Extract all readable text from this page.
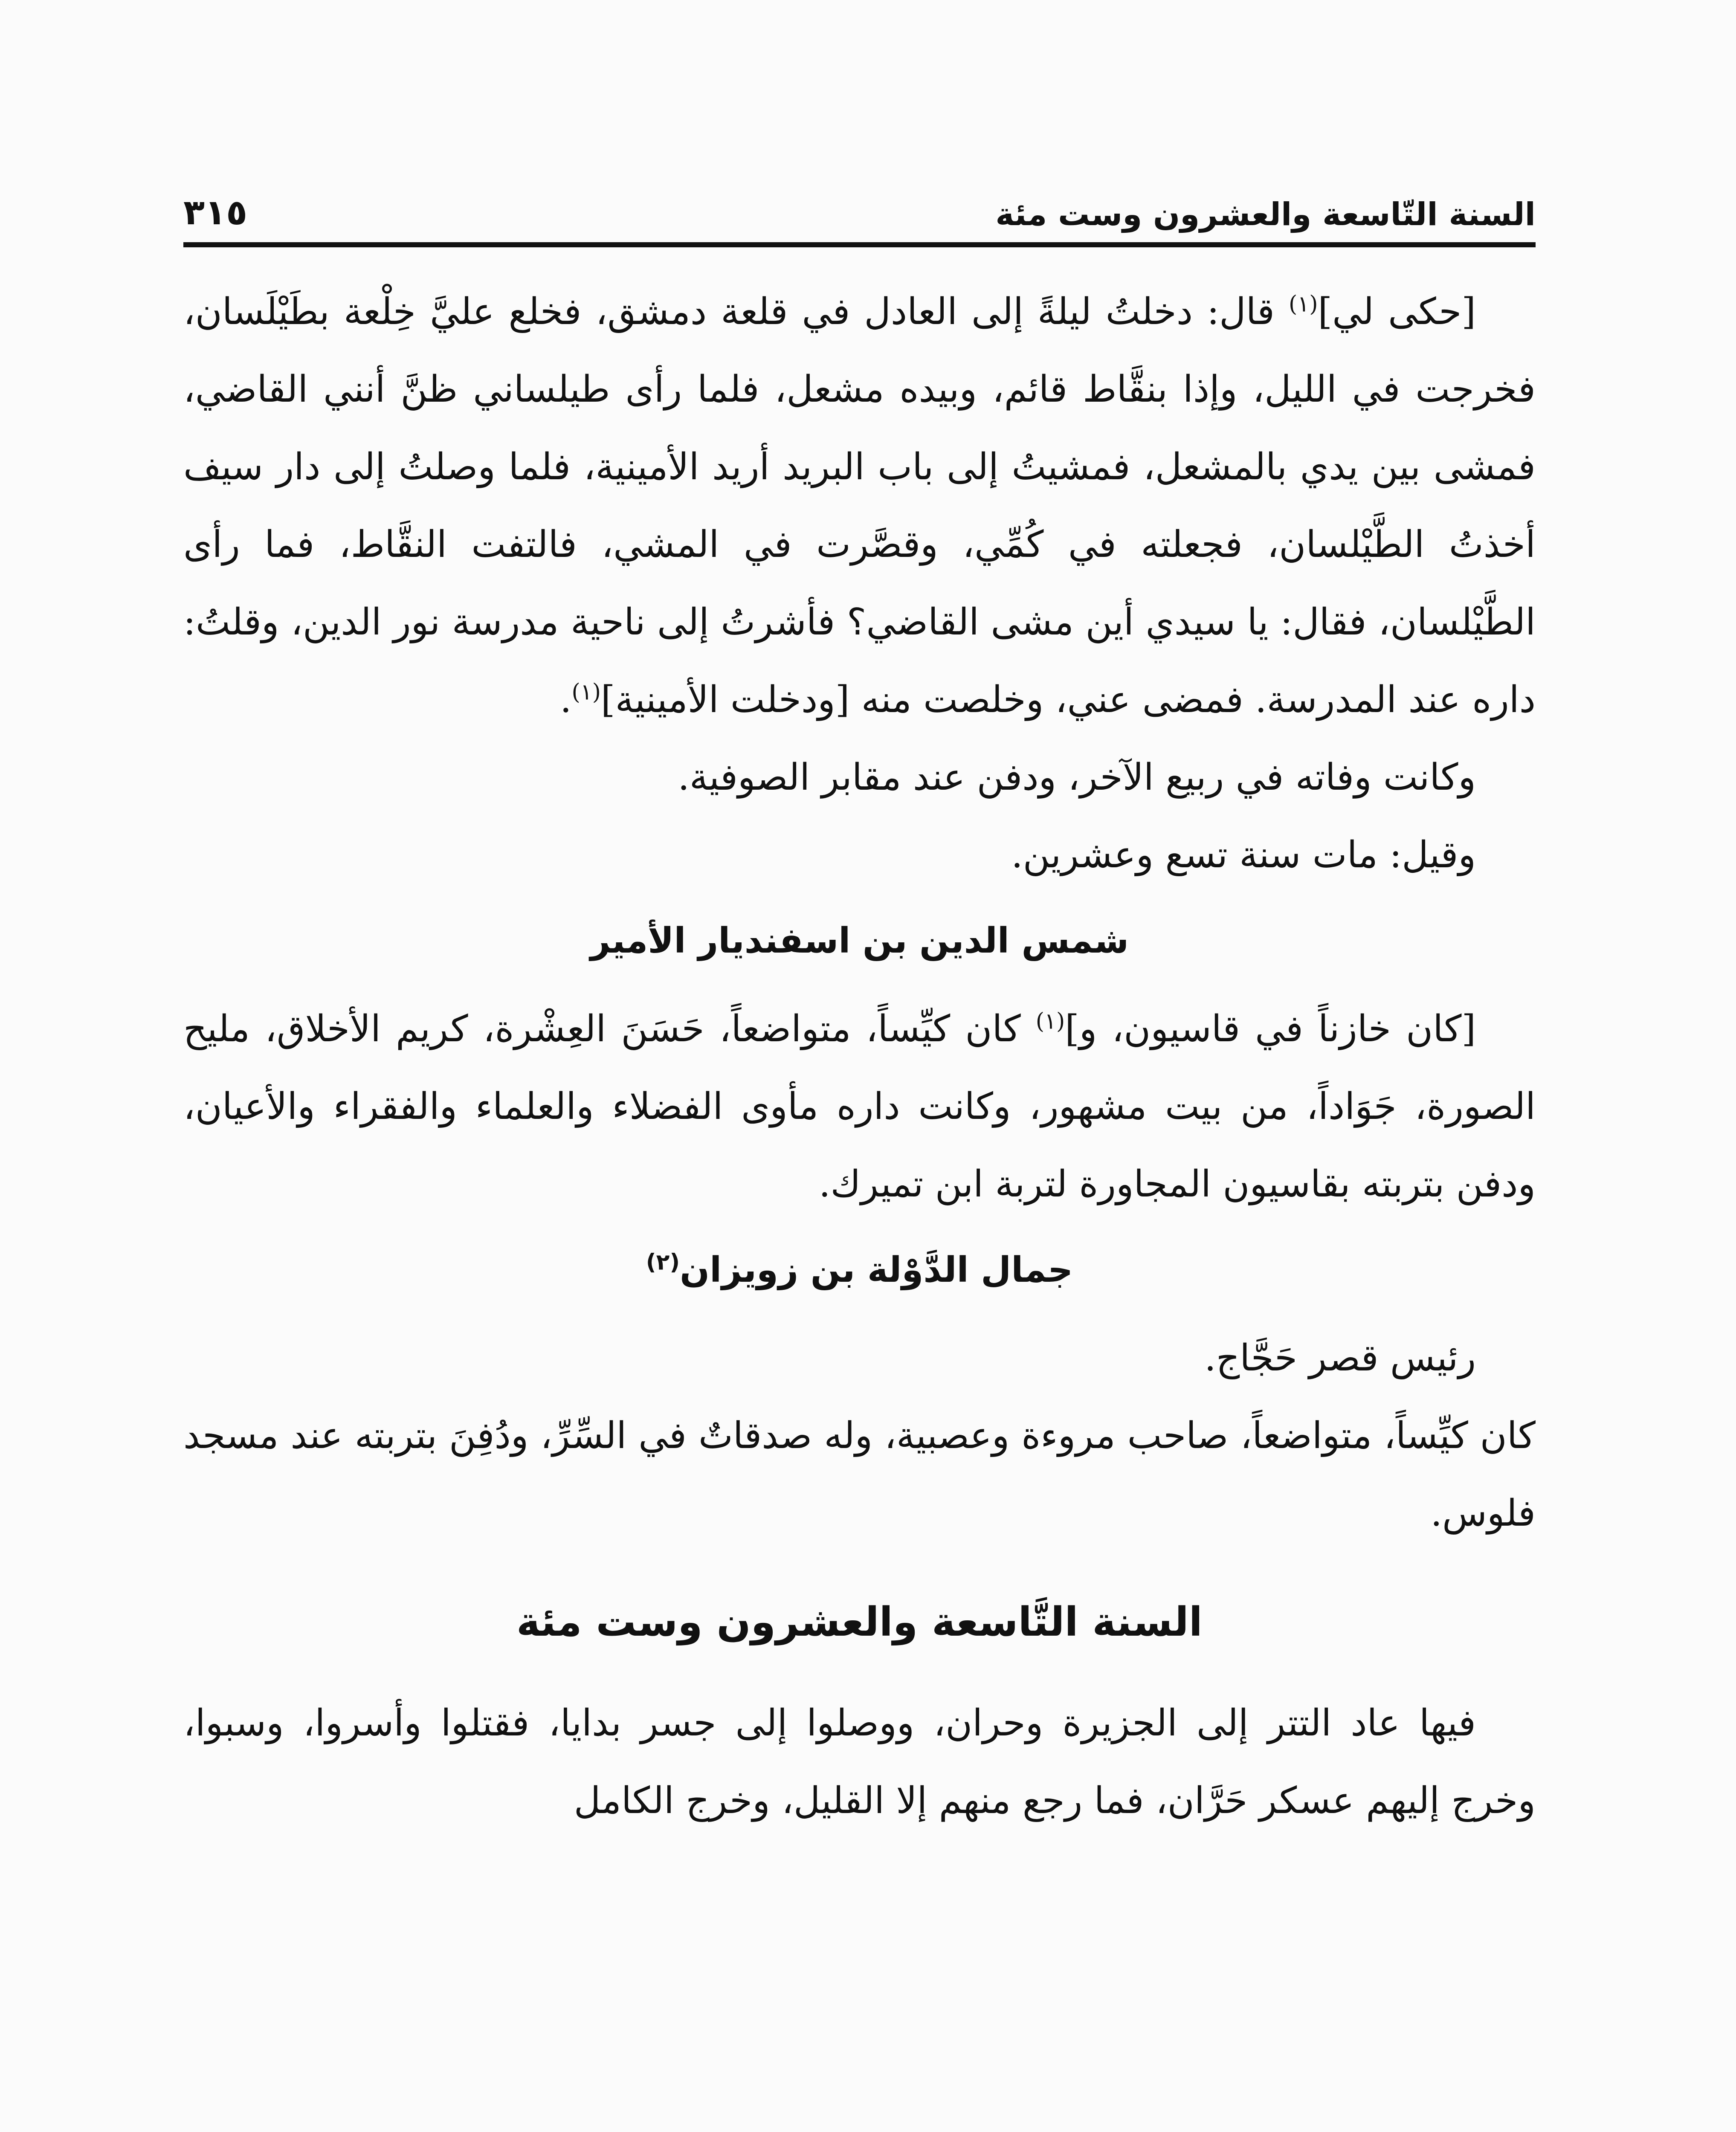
السنة التّاسعة والعشرون وست مئة
٣١٥

[حكى لي]$^{(١)}$ قال: دخلتُ ليلةً إلى العادل في قلعة دمشق، فخلع عليَّ خِلْعة بطَيْلَسان، فخرجت في الليل، وإذا بنقَّاط قائم، وبيده مشعل، فلما رأى طيلساني ظنَّ أنني القاضي، فمشى بين يدي بالمشعل، فمشيتُ إلى باب البريد أريد الأمينية، فلما وصلتُ إلى دار سيف أخذتُ الطَّيْلسان، فجعلته في كُمِّي، وقصَّرت في المشي، فالتفت النقَّاط، فما رأى الطَّيْلسان، فقال: يا سيدي أين مشى القاضي؟ فأشرتُ إلى ناحية مدرسة نور الدين، وقلتُ: داره عند المدرسة. فمضى عني، وخلصت منه [ودخلت الأمينية]$^{(١)}$.

وكانت وفاته في ربيع الآخر، ودفن عند مقابر الصوفية.

وقيل: مات سنة تسع وعشرين.

شمس الدين بن اسفنديار الأمير

[كان خازناً في قاسيون، و]$^{(١)}$ كان كيِّساً، متواضعاً، حَسَنَ العِشْرة، كريم الأخلاق، مليح الصورة، جَوَاداً، من بيت مشهور، وكانت داره مأوى الفضلاء والعلماء والفقراء والأعيان، ودفن بتربته بقاسيون المجاورة لتربة ابن تميرك.

جمال الدَّوْلة بن زويزان$^{(٢)}$

رئيس قصر حَجَّاج.

كان كيِّساً، متواضعاً، صاحب مروءة وعصبية، وله صدقاتٌ في السِّرِّ، ودُفِنَ بتربته عند مسجد فلوس.

السنة التَّاسعة والعشرون وست مئة

فيها عاد التتر إلى الجزيرة وحران، ووصلوا إلى جسر بدايا، فقتلوا وأسروا، وسبوا، وخرج إليهم عسكر حَرَّان، فما رجع منهم إلا القليل، وخرج الكامل
